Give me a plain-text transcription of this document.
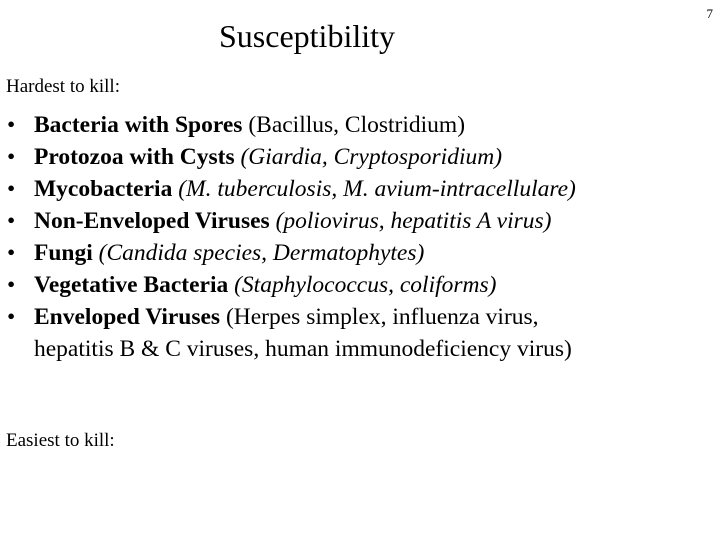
Susceptibility
7
Hardest to kill:
• Bacteria with Spores (Bacillus, Clostridium)
• Protozoa with Cysts (Giardia, Cryptosporidium)
• Mycobacteria (M. tuberculosis, M. avium-intracellulare)
• Non-Enveloped Viruses (poliovirus, hepatitis A virus)
• Fungi (Candida species, Dermatophytes)
• Vegetative Bacteria (Staphylococcus, coliforms)
• Enveloped Viruses (Herpes simplex, influenza virus,
hepatitis B & C viruses, human immunodeficiency virus)
Easiest to kill:
